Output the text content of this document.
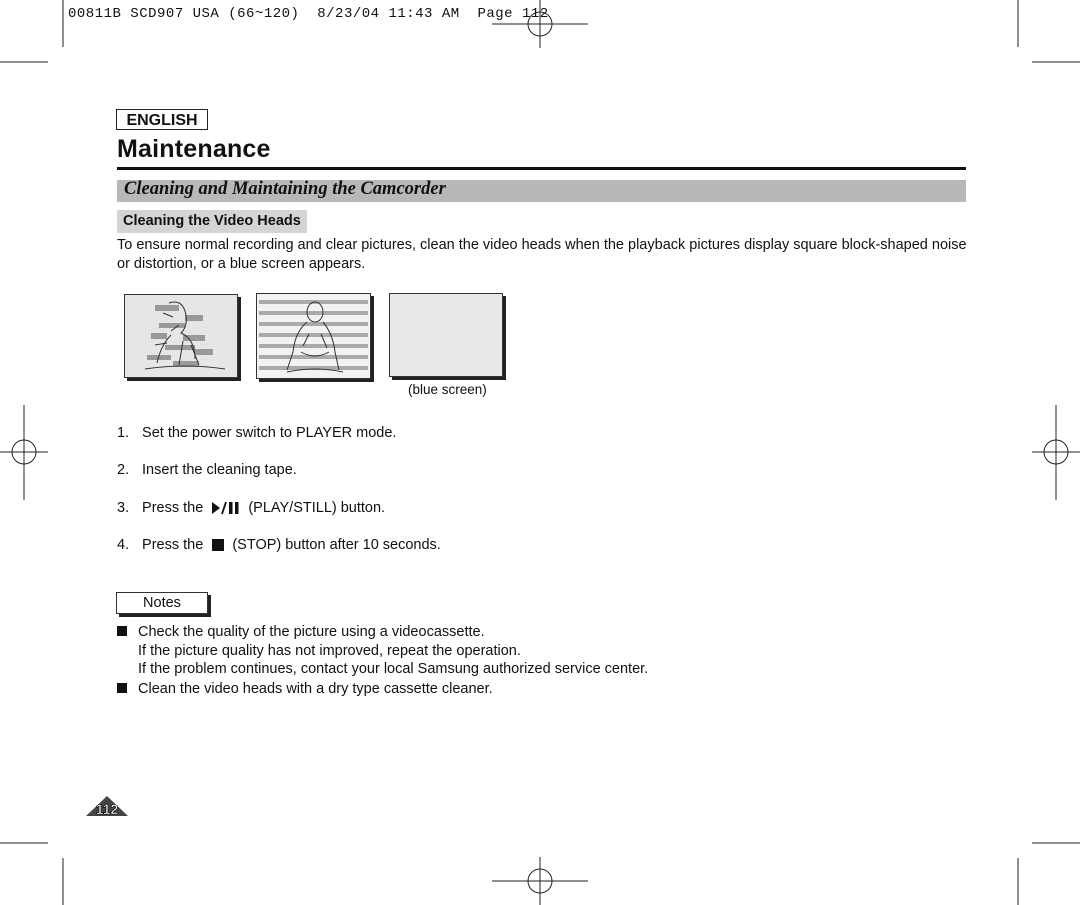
00811B SCD907 USA (66~120)  8/23/04 11:43 AM  Page 112
ENGLISH
Maintenance
Cleaning and Maintaining the Camcorder
Cleaning the Video Heads
To ensure normal recording and clear pictures, clean the video heads when the playback pictures display square block-shaped noise or distortion, or a blue screen appears.
(blue screen)
1. Set the power switch to PLAYER mode.
2. Insert the cleaning tape.
3. Press the	(PLAY/STILL) button.
4. Press the (STOP) button after 10 seconds.
Notes
Check the quality of the picture using a videocassette.
If the picture quality has not improved, repeat the operation.
If the problem continues, contact your local Samsung authorized service center.
Clean the video heads with a dry type cassette cleaner.
112
